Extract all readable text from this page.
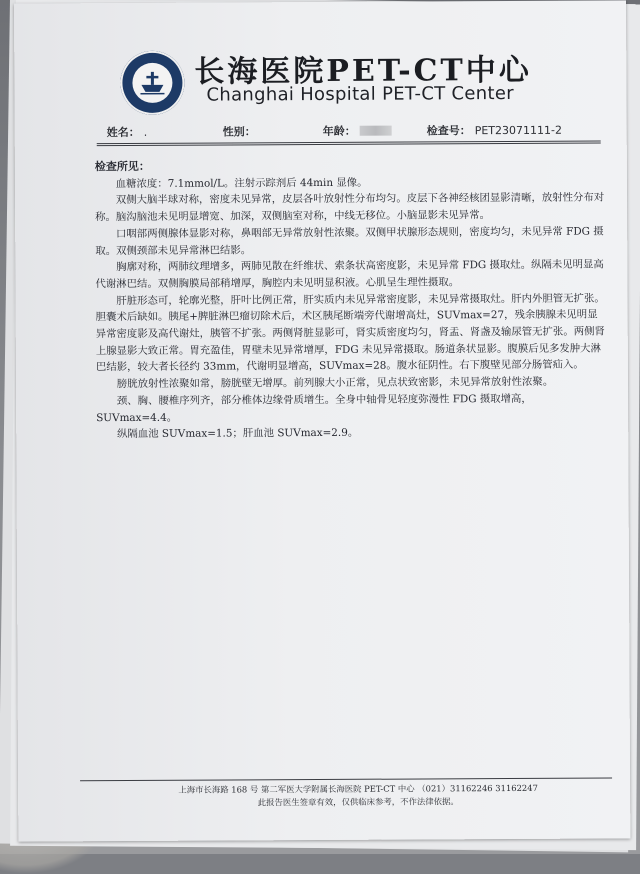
长海医院PET-CT中心
Changhai Hospital PET-CT Center
姓名： .	性别：	年龄：	检查号： PET23071111-2
检查所见：

血糖浓度：7.1mmol/L。注射示踪剂后 44min 显像。

双侧大脑半球对称，密度未见异常，皮层各叶放射性分布均匀。皮层下各神经核团显影清晰，放射性分布对称。脑沟脑池未见明显增宽、加深，双侧脑室对称，中线无移位。小脑显影未见异常。

口咽部两侧腺体显影对称，鼻咽部无异常放射性浓聚。双侧甲状腺形态规则，密度均匀，未见异常 FDG 摄取。双侧颈部未见异常淋巴结影。

胸廓对称，两肺纹理增多，两肺见散在纤维状、索条状高密度影，未见异常 FDG 摄取灶。纵隔未见明显高代谢淋巴结。双侧胸膜局部稍增厚，胸腔内未见明显积液。心肌呈生理性摄取。

肝脏形态可，轮廓光整，肝叶比例正常，肝实质内未见异常密度影，未见异常摄取灶。肝内外胆管无扩张。胆囊术后缺如。胰尾+脾脏淋巴瘤切除术后，术区胰尾断端旁代谢增高灶，SUVmax=27，残余胰腺未见明显异常密度影及高代谢灶，胰管不扩张。两侧肾脏显影可，肾实质密度均匀，肾盂、肾盏及输尿管无扩张。两侧肾上腺显影大致正常。胃充盈佳，胃壁未见异常增厚，FDG 未见异常摄取。肠道条状显影。腹膜后见多发肿大淋巴结影，较大者长径约 33mm，代谢明显增高，SUVmax=28。腹水征阴性。右下腹壁见部分肠管疝入。

膀胱放射性浓聚如常，膀胱壁无增厚。前列腺大小正常，见点状致密影，未见异常放射性浓聚。

颈、胸、腰椎序列齐，部分椎体边缘骨质增生。全身中轴骨见轻度弥漫性 FDG 摄取增高，SUVmax=4.4。

纵隔血池 SUVmax=1.5；肝血池 SUVmax=2.9。

上海市长海路 168 号 第二军医大学附属长海医院 PET-CT 中心 （021）31162246 31162247
此报告医生签章有效，仅供临床参考，不作法律依据。
